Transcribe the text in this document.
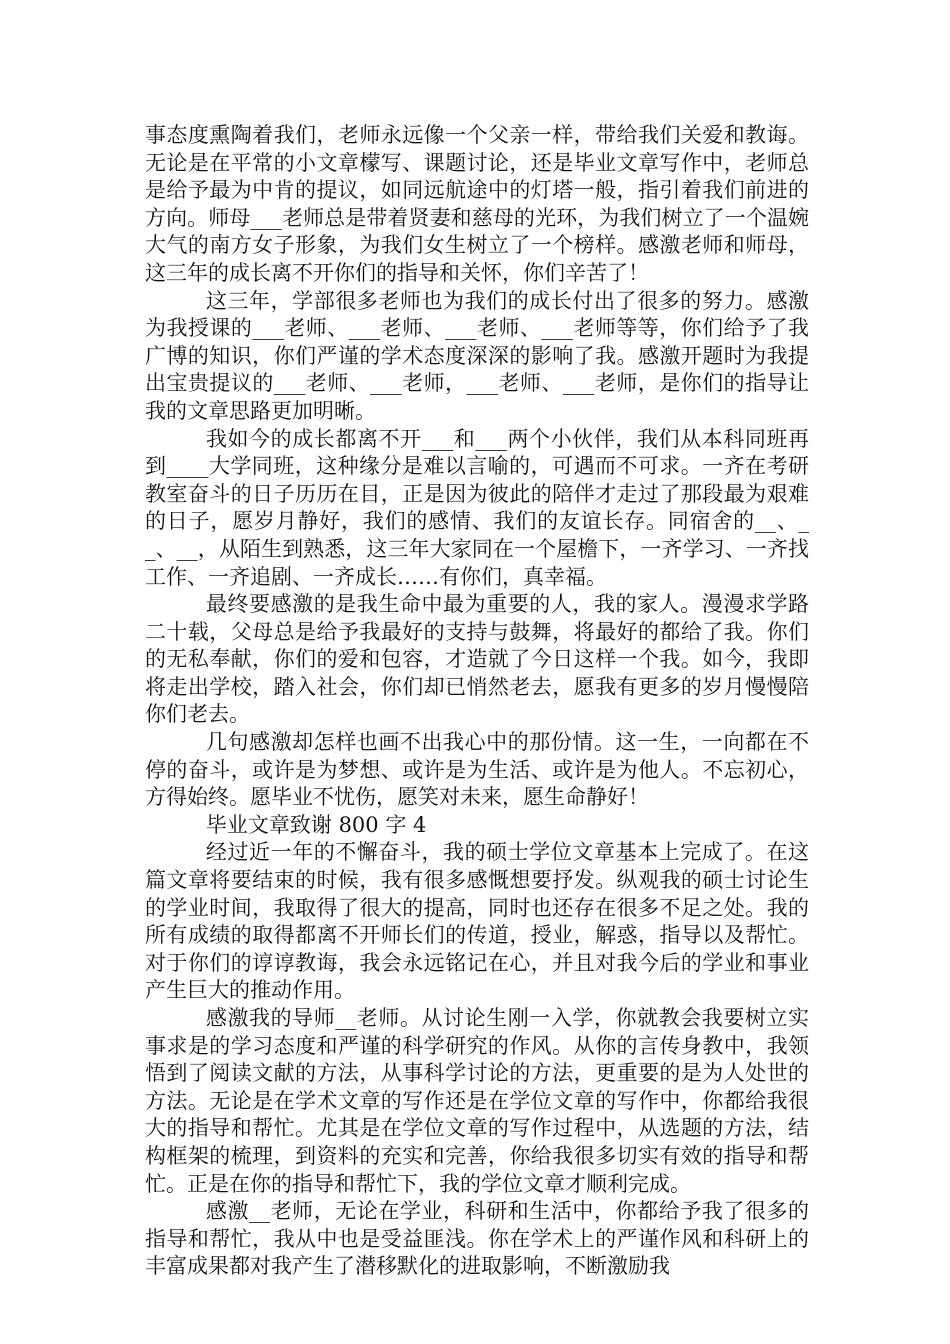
事态度熏陶着我们，老师永远像一个父亲一样，带给我们关爱和教诲。无论是在平常的小文章檬写、课题讨论，还是毕业文章写作中，老师总是给予最为中肯的提议，如同远航途中的灯塔一般，指引着我们前进的方向。师母___老师总是带着贤妻和慈母的光环，为我们树立了一个温婉大气的南方女子形象，为我们女生树立了一个榜样。感激老师和师母，这三年的成长离不开你们的指导和关怀，你们辛苦了！

这三年，学部很多老师也为我们的成长付出了很多的努力。感激为我授课的___老师、___老师、___老师、___老师等等，你们给予了我广博的知识，你们严谨的学术态度深深的影响了我。感激开题时为我提出宝贵提议的___老师、___老师，___老师、___老师，是你们的指导让我的文章思路更加明晰。

我如今的成长都离不开___和___两个小伙伴，我们从本科同班再到____大学同班，这种缘分是难以言喻的，可遇而不可求。一齐在考研教室奋斗的日子历历在目，正是因为彼此的陪伴才走过了那段最为艰难的日子，愿岁月静好，我们的感情、我们的友谊长存。同宿舍的__、__、__，从陌生到熟悉，这三年大家同在一个屋檐下，一齐学习、一齐找工作、一齐追剧、一齐成长……有你们，真幸福。

最终要感激的是我生命中最为重要的人，我的家人。漫漫求学路二十载，父母总是给予我最好的支持与鼓舞，将最好的都给了我。你们的无私奉献，你们的爱和包容，才造就了今日这样一个我。如今，我即将走出学校，踏入社会，你们却已悄然老去，愿我有更多的岁月慢慢陪你们老去。

几句感激却怎样也画不出我心中的那份情。这一生，一向都在不停的奋斗，或许是为梦想、或许是为生活、或许是为他人。不忘初心，方得始终。愿毕业不忧伤，愿笑对未来，愿生命静好！

毕业文章致谢 800 字 4

经过近一年的不懈奋斗，我的硕士学位文章基本上完成了。在这篇文章将要结束的时候，我有很多感慨想要抒发。纵观我的硕士讨论生的学业时间，我取得了很大的提高，同时也还存在很多不足之处。我的所有成绩的取得都离不开师长们的传道，授业，解惑，指导以及帮忙。对于你们的谆谆教诲，我会永远铭记在心，并且对我今后的学业和事业产生巨大的推动作用。

感激我的导师__老师。从讨论生刚一入学，你就教会我要树立实事求是的学习态度和严谨的科学研究的作风。从你的言传身教中，我领悟到了阅读文献的方法，从事科学讨论的方法，更重要的是为人处世的方法。无论是在学术文章的写作还是在学位文章的写作中，你都给我很大的指导和帮忙。尤其是在学位文章的写作过程中，从选题的方法，结构框架的梳理，到资料的充实和完善，你给我很多切实有效的指导和帮忙。正是在你的指导和帮忙下，我的学位文章才顺利完成。

感激__老师，无论在学业，科研和生活中，你都给予我了很多的指导和帮忙，我从中也是受益匪浅。你在学术上的严谨作风和科研上的丰富成果都对我产生了潜移默化的进取影响，不断激励我
